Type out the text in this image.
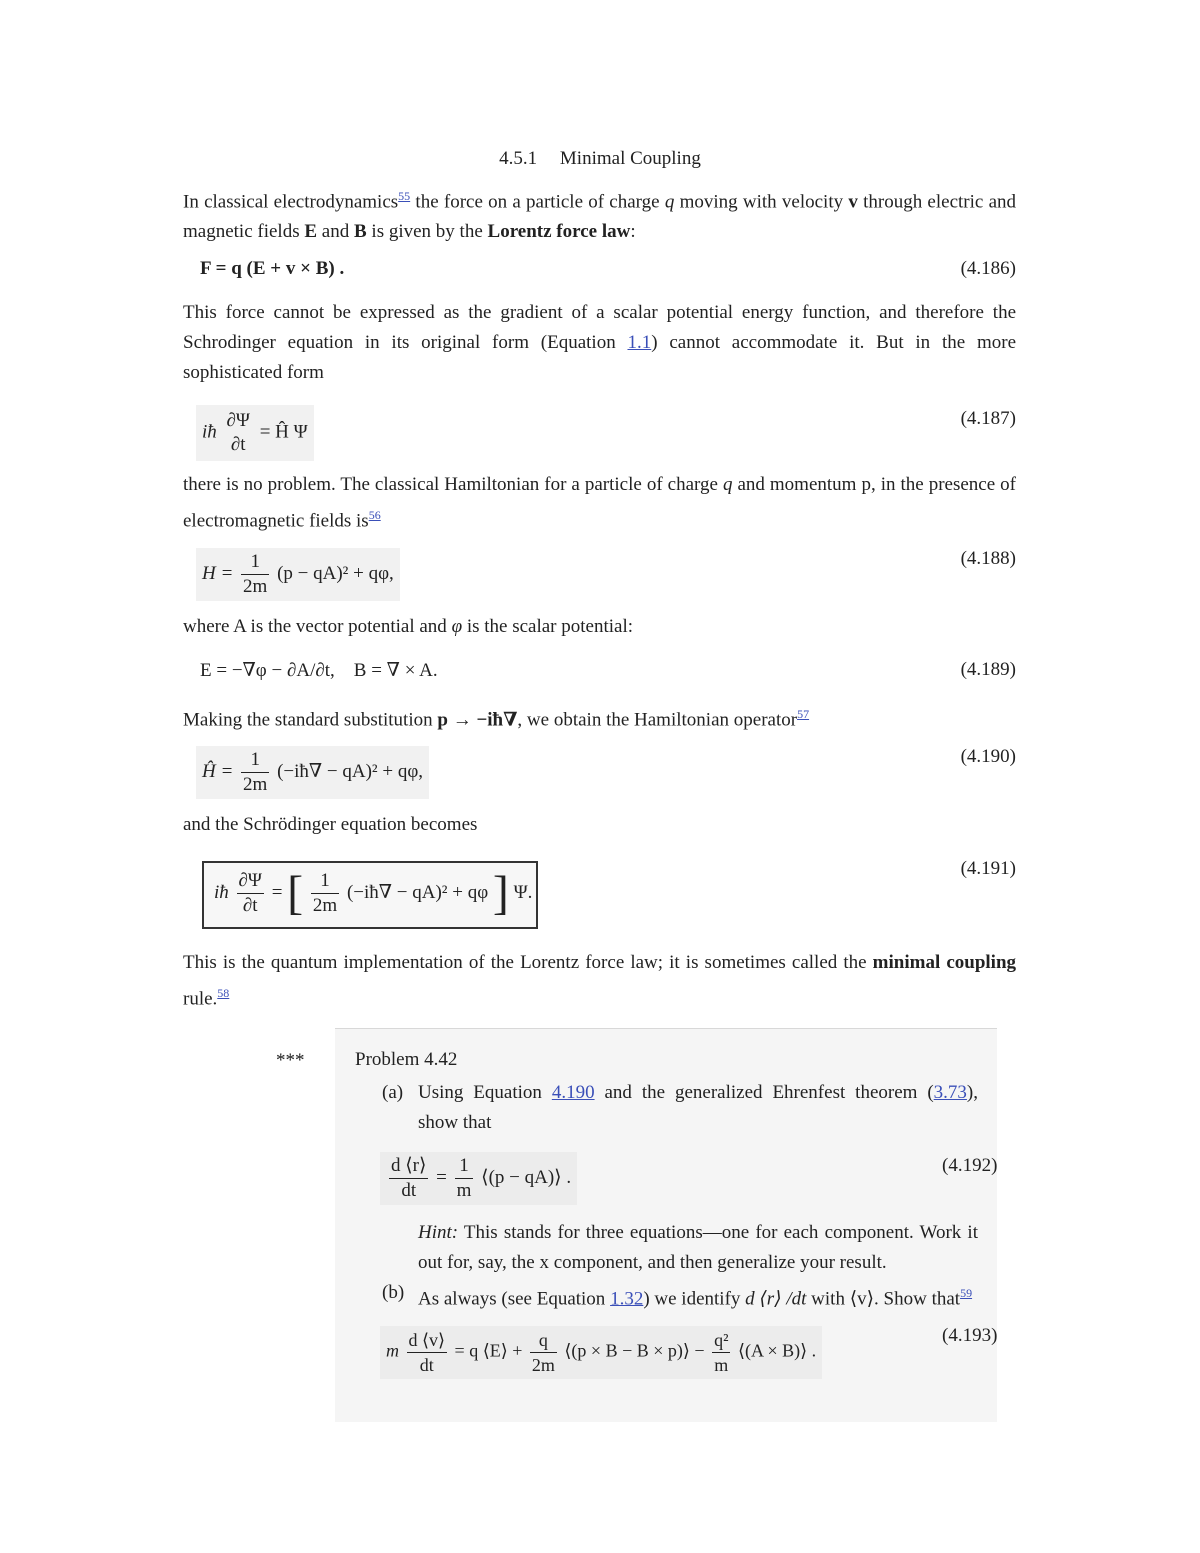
4.5.1 Minimal Coupling
In classical electrodynamics$^{55}$ the force on a particle of charge q moving with velocity v through electric and magnetic fields E and B is given by the Lorentz force law:
F = q (E + v × B) .	(4.186)
This force cannot be expressed as the gradient of a scalar potential energy function, and therefore the Schrodinger equation in its original form (Equation 1.1) cannot accommodate it. But in the more sophisticated form
iħ
∂Ψ
∂t
= Ĥ Ψ
(4.187)
there is no problem. The classical Hamiltonian for a particle of charge q and momentum p, in the presence of electromagnetic fields $is^{56}$
$H = \frac{1}{2m} (p - qA)^2 + q\varphi$,
(4.188)
where A is the vector potential and φ is the scalar potential:
E = −∇φ − ∂A/∂t,    B = ∇ × A.	(4.189)
Making the standard substitution p → −iħ∇, we obtain the Hamiltonian operator$^{57}$
Ĥ = $\frac{1}{2m}$ (−iħ∇ − qA)² + qφ,
(4.190)
and the Schrödinger equation becomes
iħ $\frac{\partial\Psi}{\partial t}$ = [ $\frac{1}{2m}$ (−iħ∇ − qA)² + qφ ] Ψ.
(4.191)
This is the quantum implementation of the Lorentz force law; it is sometimes called the minimal coupling rule.$^{58}$
***	Problem 4.42
(a) Using Equation 4.190 and the generalized Ehrenfest theorem (3.73), show that
$\frac{d ⟨r⟩}{dt} = \frac{1}{m}$ ⟨(p − qA)⟩ .
(4.192)
Hint: This stands for three equations—one for each component. Work it out for, say, the x component, and then generalize your result.
(b) As always (see Equation 1.32) we identify d ⟨r⟩ /dt with ⟨v⟩. Show that$^{59}$
m $\frac{d ⟨v⟩}{dt} = q$ ⟨E⟩ + $\frac{q}{2m}$ ⟨(p × B − B × p)⟩ − $\frac{\text{q²}}{m}$ ⟨(A × B)⟩ .
(4.193)
